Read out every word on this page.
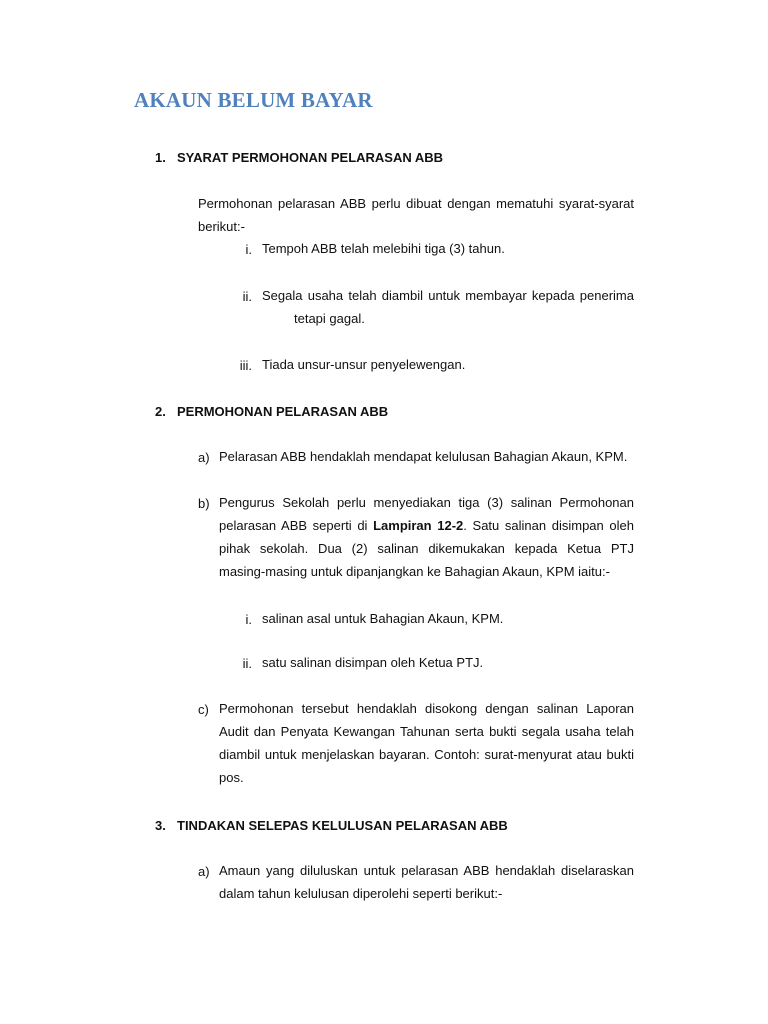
AKAUN BELUM BAYAR
1. SYARAT PERMOHONAN PELARASAN ABB
Permohonan pelarasan ABB perlu dibuat dengan mematuhi syarat-syarat berikut:-
i. Tempoh ABB telah melebihi tiga (3) tahun.
ii. Segala usaha telah diambil untuk membayar kepada penerima
tetapi gagal.
iii. Tiada unsur-unsur penyelewengan.
2. PERMOHONAN PELARASAN ABB
a) Pelarasan ABB hendaklah mendapat kelulusan Bahagian Akaun, KPM.
b) Pengurus Sekolah perlu menyediakan tiga (3) salinan Permohonan pelarasan ABB seperti di Lampiran 12-2. Satu salinan disimpan oleh pihak sekolah. Dua (2) salinan dikemukakan kepada Ketua PTJ masing-masing untuk dipanjangkan ke Bahagian Akaun, KPM iaitu:-
i. salinan asal untuk Bahagian Akaun, KPM.
ii. satu salinan disimpan oleh Ketua PTJ.
c) Permohonan tersebut hendaklah disokong dengan salinan Laporan Audit dan Penyata Kewangan Tahunan serta bukti segala usaha telah diambil untuk menjelaskan bayaran. Contoh: surat-menyurat atau bukti pos.
3. TINDAKAN SELEPAS KELULUSAN PELARASAN ABB
a) Amaun yang diluluskan untuk pelarasan ABB hendaklah diselaraskan dalam tahun kelulusan diperolehi seperti berikut:-
